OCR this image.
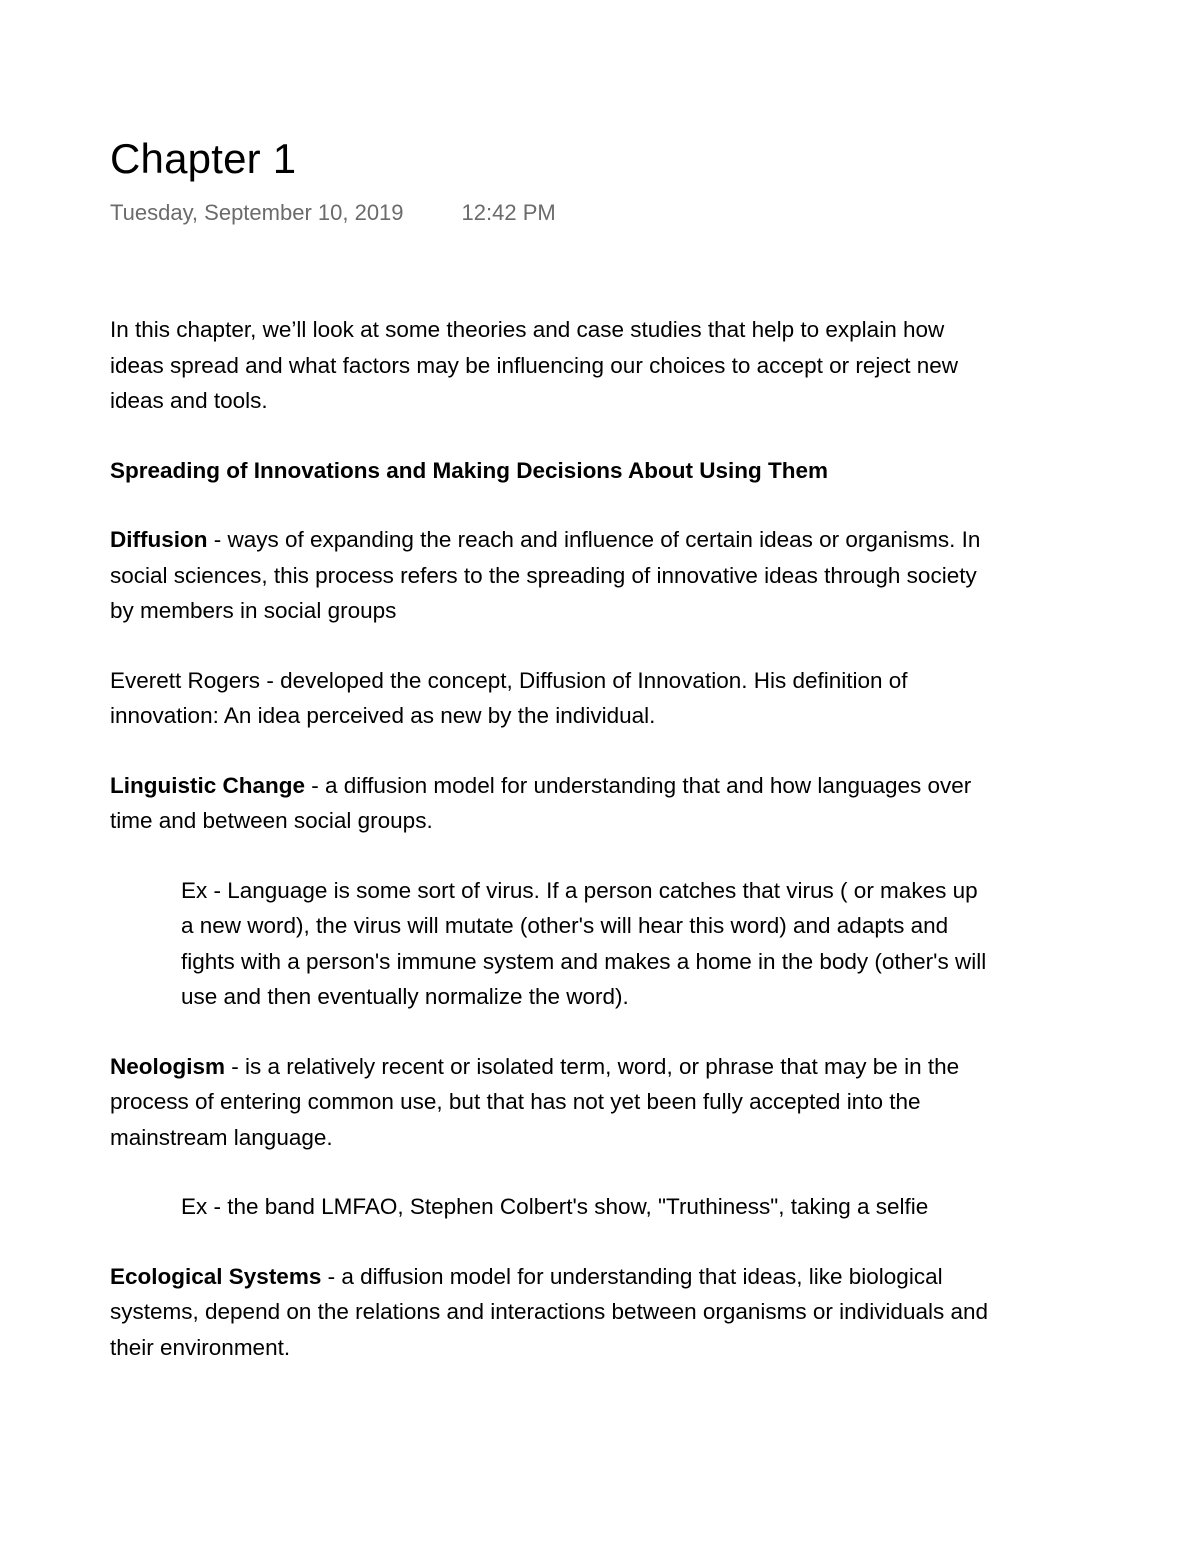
Chapter 1
Tuesday, September 10, 2019	12:42 PM

In this chapter, we’ll look at some theories and case studies that help to explain how ideas spread and what factors may be influencing our choices to accept or reject new ideas and tools.

Spreading of Innovations and Making Decisions About Using Them

Diffusion - ways of expanding the reach and influence of certain ideas or organisms. In social sciences, this process refers to the spreading of innovative ideas through society by members in social groups

Everett Rogers - developed the concept, Diffusion of Innovation. His definition of innovation: An idea perceived as new by the individual.

Linguistic Change - a diffusion model for understanding that and how languages over time and between social groups.

Ex - Language is some sort of virus. If a person catches that virus ( or makes up a new word), the virus will mutate (other's will hear this word) and adapts and fights with a person's immune system and makes a home in the body (other's will use and then eventually normalize the word).

Neologism - is a relatively recent or isolated term, word, or phrase that may be in the process of entering common use, but that has not yet been fully accepted into the mainstream language.

Ex - the band LMFAO, Stephen Colbert's show, "Truthiness", taking a selfie

Ecological Systems - a diffusion model for understanding that ideas, like biological systems, depend on the relations and interactions between organisms or individuals and their environment.
